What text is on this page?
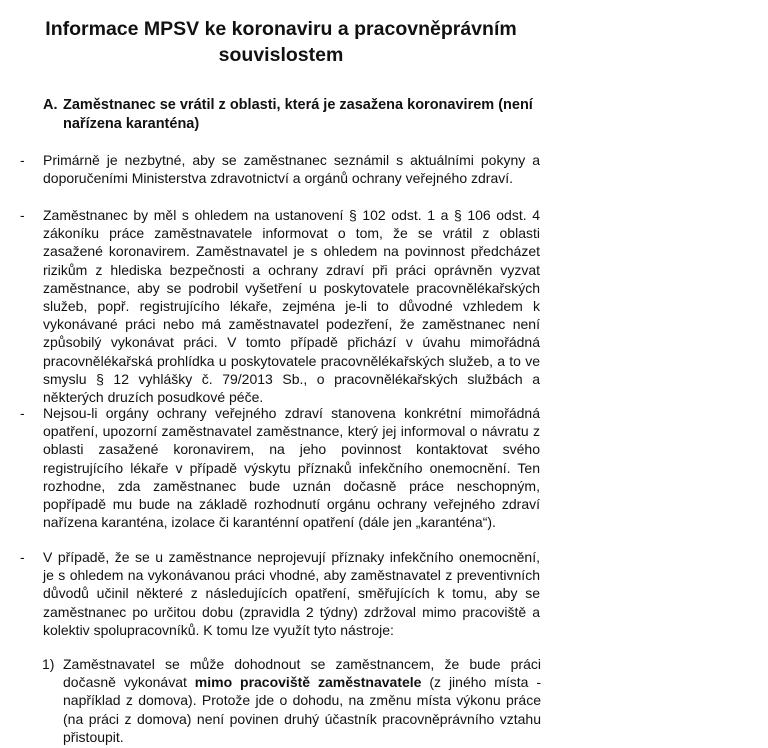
Informace MPSV ke koronaviru a pracovněprávním
souvislostem
A. Zaměstnanec se vrátil z oblasti, která je zasažena koronavirem (není nařízena karanténa)
- Primárně je nezbytné, aby se zaměstnanec seznámil s aktuálními pokyny a doporučeními Ministerstva zdravotnictví a orgánů ochrany veřejného zdraví.
- Zaměstnanec by měl s ohledem na ustanovení § 102 odst. 1 a § 106 odst. 4 zákoníku práce zaměstnavatele informovat o tom, že se vrátil z oblasti zasažené koronavirem. Zaměstnavatel je s ohledem na povinnost předcházet rizikům z hlediska bezpečnosti a ochrany zdraví při práci oprávněn vyzvat zaměstnance, aby se podrobil vyšetření u poskytovatele pracovnělékařských služeb, popř. registrujícího lékaře, zejména je-li to důvodné vzhledem k vykonávané práci nebo má zaměstnavatel podezření, že zaměstnanec není způsobilý vykonávat práci. V tomto případě přichází v úvahu mimořádná pracovnělékařská prohlídka u poskytovatele pracovnělékařských služeb, a to ve smyslu § 12 vyhlášky č. 79/2013 Sb., o pracovnělékařských službách a některých druzích posudkové péče.
- Nejsou-li orgány ochrany veřejného zdraví stanovena konkrétní mimořádná opatření, upozorní zaměstnavatel zaměstnance, který jej informoval o návratu z oblasti zasažené koronavirem, na jeho povinnost kontaktovat svého registrujícího lékaře v případě výskytu příznaků infekčního onemocnění. Ten rozhodne, zda zaměstnanec bude uznán dočasně práce neschopným, popřípadě mu bude na základě rozhodnutí orgánu ochrany veřejného zdraví nařízena karanténa, izolace či karanténní opatření (dále jen „karanténa“).
- V případě, že se u zaměstnance neprojevují příznaky infekčního onemocnění, je s ohledem na vykonávanou práci vhodné, aby zaměstnavatel z preventivních důvodů učinil některé z následujících opatření, směřujících k tomu, aby se zaměstnanec po určitou dobu (zpravidla 2 týdny) zdržoval mimo pracoviště a kolektiv spolupracovníků. K tomu lze využít tyto nástroje:
1) Zaměstnavatel se může dohodnout se zaměstnancem, že bude práci dočasně vykonávat mimo pracoviště zaměstnavatele (z jiného místa - například z domova). Protože jde o dohodu, na změnu místa výkonu práce (na práci z domova) není povinen druhý účastník pracovněprávního vztahu přistoupit.
